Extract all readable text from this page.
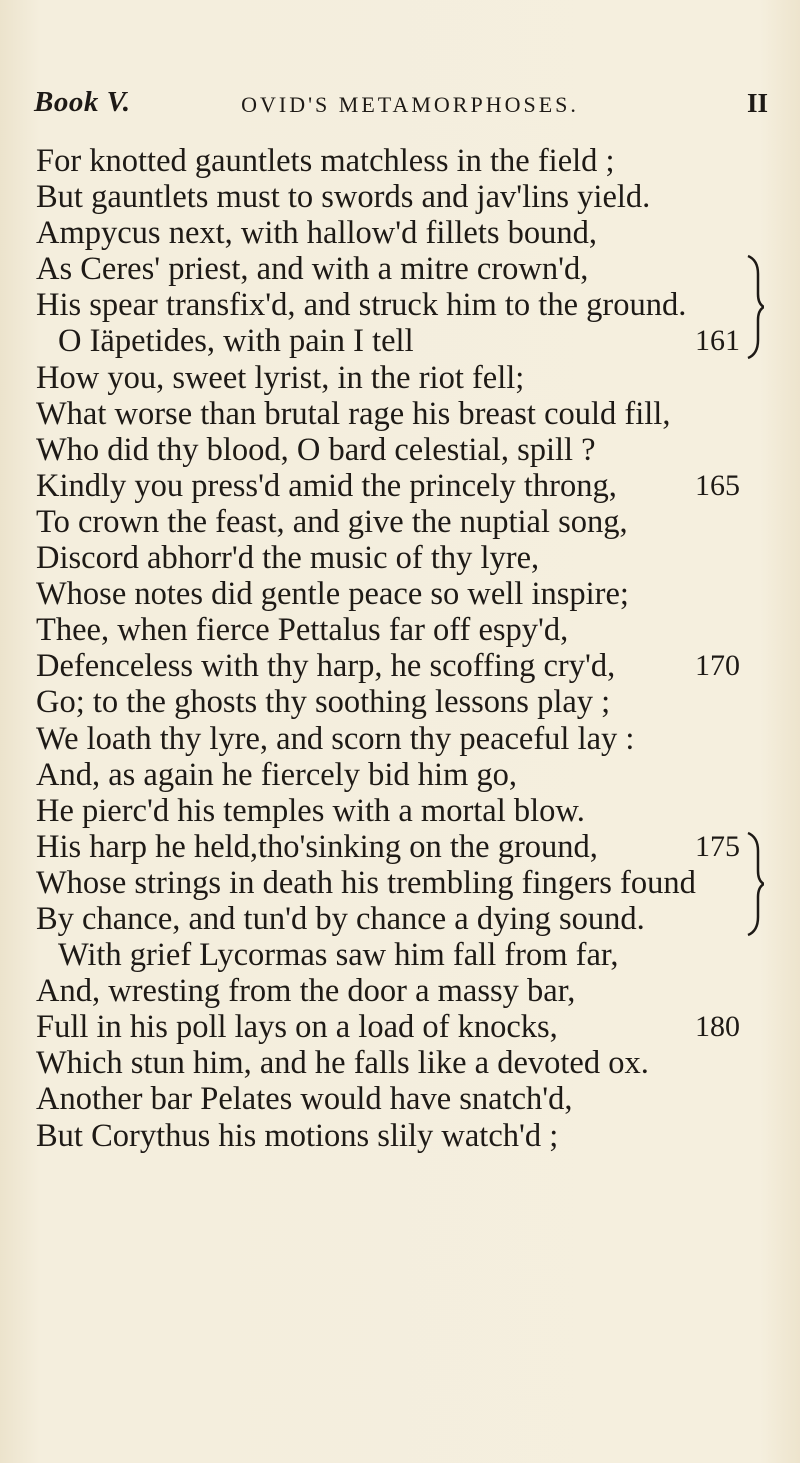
Book V.	OVID'S METAMORPHOSES.	II
For knotted gauntlets matchless in the field ;
But gauntlets must to swords and jav'lins yield.
Ampycus next, with hallow'd fillets bound,
As Ceres' priest, and with a mitre crown'd,
His spear transfix'd, and struck him to the ground.
O Iäpetides, with pain I tell	161
How you, sweet lyrist, in the riot fell;
What worse than brutal rage his breast could fill,
Who did thy blood, O bard celestial, spill ?
Kindly you press'd amid the princely throng,	165
To crown the feast, and give the nuptial song,
Discord abhorr'd the music of thy lyre,
Whose notes did gentle peace so well inspire;
Thee, when fierce Pettalus far off espy'd,
Defenceless with thy harp, he scoffing cry'd,	170
Go; to the ghosts thy soothing lessons play ;
We loath thy lyre, and scorn thy peaceful lay :
And, as again he fiercely bid him go,
He pierc'd his temples with a mortal blow.
His harp he held,tho'sinking on the ground,	175
Whose strings in death his trembling fingers found
By chance, and tun'd by chance a dying sound.
With grief Lycormas saw him fall from far,
And, wresting from the door a massy bar,
Full in his poll lays on a load of knocks,	180
Which stun him, and he falls like a devoted ox.
Another bar Pelates would have snatch'd,
But Corythus his motions slily watch'd ;
